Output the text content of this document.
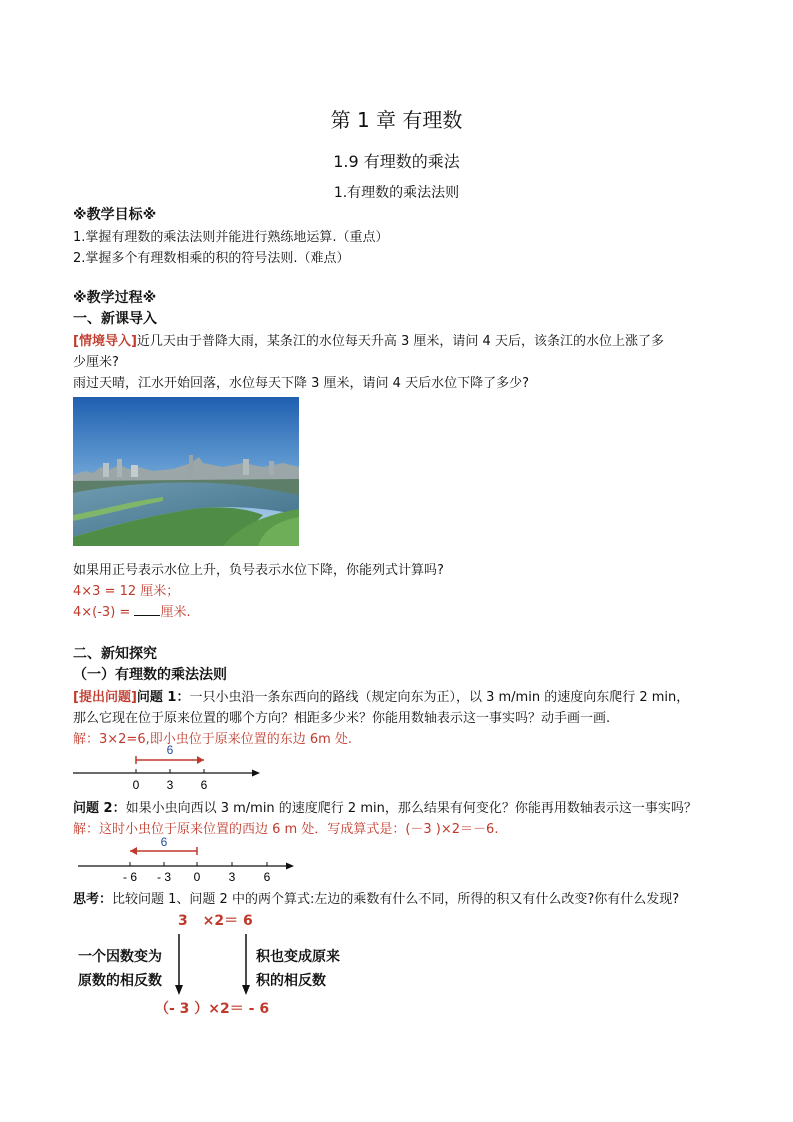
第 1 章 有理数
1.9 有理数的乘法
1.有理数的乘法法则
※教学目标※
1.掌握有理数的乘法法则并能进行熟练地运算.（重点）
2.掌握多个有理数相乘的积的符号法则.（难点）
※教学过程※
一、新课导入
[情境导入]近几天由于普降大雨，某条江的水位每天升高 3 厘米，请问 4 天后，该条江的水位上涨了多
少厘米?
雨过天晴，江水开始回落，水位每天下降 3 厘米，请问 4 天后水位下降了多少?
如果用正号表示水位上升，负号表示水位下降，你能列式计算吗?
4×3 = 12 厘米；
4×(-3) = 厘米.
二、新知探究
（一）有理数的乘法法则
[提出问题]问题 1：一只小虫沿一条东西向的路线（规定向东为正），以 3 m/min 的速度向东爬行 2 min，
那么它现在位于原来位置的哪个方向？相距多少米？你能用数轴表示这一事实吗？动手画一画.
解：3×2=6,即小虫位于原来位置的东边 6m 处.
6
0 3 6
问题 2：如果小虫向西以 3 m/min 的速度爬行 2 min，那么结果有何变化？你能再用数轴表示这一事实吗？
解：这时小虫位于原来位置的西边 6 m 处．写成算式是：(－3 )×2＝－6.
6
- 6 - 3 0 3 6
思考：比较问题 1、问题 2 中的两个算式:左边的乘数有什么不同，所得的积又有什么改变?你有什么发现?
3 ×2＝ 6
一个因数变为
原数的相反数
积也变成原来
积的相反数
（- 3 ）×2＝ - 6
